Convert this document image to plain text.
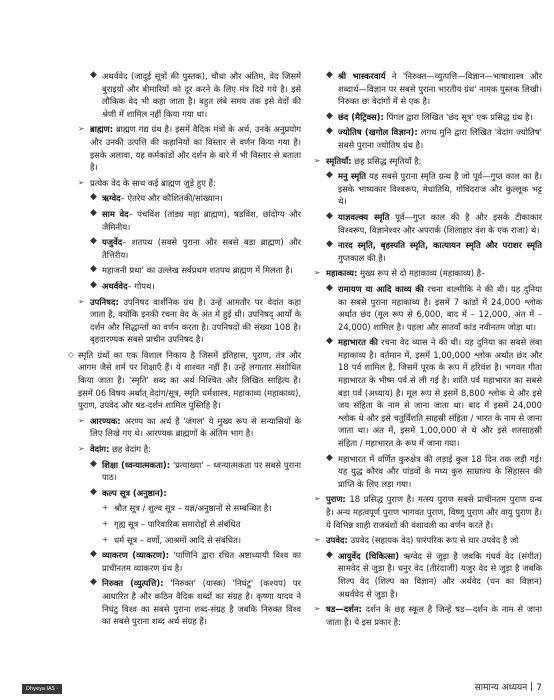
◆ अथर्ववेद (जादुई सूत्रों की पुस्तक), चौथा और अंतिम, वेद जिसमें बुराइयों और बीमारियों को दूर करने के लिए मंत्र दिये गये है। इसे लौकिक वेद भी कहा जाता है। बहुत लंबे समय तक इसे वेदों की श्रेणी में शामिल नहीं किया गया था।
➢ ब्राह्मण: ब्राह्मण गद्य ग्रंथ है। इसमें वैदिक मंत्रों के अर्थ, उनके अनुप्रयोग और उनकी उत्पत्ति की कहानियों का विस्तार से वर्णन किया गया है। इसके अलावा, यह कर्मकांडों और दर्शन के बारे में भी विस्तार से बताता है।
➢ प्रत्येक वेद के साथ कई ब्राह्मण जुड़े हुए हैं:
◆ ऋग्वेद– ऐतरेय और कौशितकी/सांख्यान।
◆ साम वेद– पंचविंश (तांड्य महा ब्राह्मण), षडविंश, छांदोग्य और जैमिनीय।
◆ यजुर्वेद– शतपथ (सबसे पुराना और सबसे बड़ा ब्राह्मण) और तैत्तिरीय।
◆ महाजनी प्रथा' का उल्लेख सर्वप्रथम शतपथ ब्राह्मण में मिलता है।
◆ अथर्ववेद– गोपथ।
➢ उपनिषद: उपनिषद वार्शनिक ग्रंथ है। उन्हें आमतौर पर वेदांत कहा जाता है, क्योंकि इनकी रचना वेद के अंत में हुई थी। उपनिषद् आर्यों के दर्शन और सिद्धान्तों का वर्णन करता है। उपनिषदों की संख्या 108 है। बृहदारण्यक सबसे प्राचीन उपनिषद है।
◇ स्मृति ग्रंथों का एक विशाल निकाय है जिसमें इतिहास, पुराण, तंत्र और आगम जैसे शर्म पर शिक्षाएँ हैं। ये शाश्वत नहीं हैं। उन्हें लगातार संशोधित किया जाता है। 'स्मृति' शब्द का अर्थ निश्चित और लिखित साहित्य है। इसमें 06 विषय अर्थात् वेदांग/सूत्र, स्मृति धर्मशास्त्र, महाकाव्य (महाकाव्य), पुराण, उपवेद और षड-दर्शन शामिल पुस्तिहि है।
➢ आरण्यक: अरण्य का अर्थ है 'जंगल' ये मुख्य रूप से सन्यासियों के लिए लिखे गए थे। आरण्यक ब्राह्मणों के अंतिम भाग है।
➢ वेदांग: छह वेदांग है:
◆ शिक्षा (ध्वन्यात्मकता): 'प्रत्याख्या' – ध्वन्यात्मकता पर सबसे पुराना पाठ।
◆ कल्प सूत्र (अनुष्ठान):
+ श्रौत सूत्र / शुल्व सूत्र – यज्ञ/अनुष्ठानों से सम्बन्धित है।
+ गृह्य सूत्र – पारिवारिक समारोहों से संबंधित
+ धर्म सूत्र – वर्णो, आश्रमों आदि से संबंधित।
◆ व्याकरण (व्याकरण): 'पाणिनि द्वारा रचित अष्टाध्यायी विश्व का प्राचीनतम व्याकरण ग्रंथ है।
◆ निरुक्त (व्युत्पत्ति): 'निरुक्त' (यास्क) 'निघंटु' (कश्यप) पर आधारित है और कठिन वैदिक शब्दों का संग्रह है। कृष्णा यादव ने निघंटु विश्व का सबसे पुराना शब्द-संग्रह है जबकि निरुक्त विश्व का सबसे पुराना शब्द अर्थ संग्रह है।
◆ श्री भास्करवार्य ने 'निरुक्त—व्युत्पत्ति—विज्ञान—भाषाशास्त्र और शब्दार्थ—विज्ञान पर सबसे पुराना भारतीय ग्रंथ' नामक पुस्तक लिखी। निरुक्त छः वेदांगों में से एक है।
◆ छंद (मैट्रिक्स): पिंगल द्वारा लिखित 'छंद सूत्र' एक प्रसिद्ध ग्रंथ है।
◆ ज्योतिष (खगोल विज्ञान): लगध मुनि द्वारा लिखित 'वेदांग ज्योतिष' सबसे पुराना ज्योतिष ग्रंथ है।
➢ स्मृतियाँ: छह प्रसिद्ध स्मृतियाँ है:
◆ मनु स्मृति यह सबसे पुराना स्मृति ग्रन्थ है जो पूर्व—गुप्त काल का है। इसके भाष्यकार विश्वरूप, मेधातिथि, गोविंदराज और कुल्लूक भट्ट थे।
◆ याज्ञवल्क्य स्मृति पूर्व—गुप्त काल की है और इसके टीकाकार विश्वरूप, विज्ञानेश्वर और अपरार्क (शिलाहार वंश के एक राजा) थे।
◆ नारद स्मृति, बृहस्पति स्मृति, कात्यायन स्मृति और पराशर स्मृति गुप्तकाल की है।
➢ महाकाव्य: मुख्य रूप से दो महाकाव्य (महाकाव्य) है–
◆ रामायण या आदि काव्य की रचना वाल्मीकि ने की थी। यह दुनिया का सबसे पुराना महाकाव्य है। इसमें 7 कांडों में 24,000 श्लोक अर्थात छंद (मूल रूप से 6,000, बाद में – 12,000, अंत में – 24,000) शामिल है। पहला और सातवाँ कांड नवीनतम जोड़ा था।
◆ महाभारत की रचना वेद व्यास ने की थी। यह दुनिया का सबसे लंबा महाकाव्य है। वर्तमान में, इसमें 1,00,000 श्लोक अर्थात छंद और 18 पर्व शामिल है, जिसमें पूरक के रूप में हरिवंश है। भगवत गीता महाभारत के भीष्म पर्व से ली गई है। शांति पर्व महाभारत का सबसे बड़ा पर्व (अध्याय) है। मूल रूप से इसमें 8,800 श्लोक थे और इसे जय संहिता के नाम से जाना जाता था। बाद में इसमें 24,000 श्लोक थे और इसे चतुर्विंशति साहस्री संहिता / भारत के नाम से जाना जाता था। अंत में, इसमें 1,00,000 से थे और इसे शतसाहस्री संहिता / महाभारत के रूप में जाना गया।
◆ महाभारत में वर्णित कुरुक्षेत्र की लड़ाई कुल 18 दिन तक लड़ी गई। यह युद्ध कौरव और पांडवों के मध्य कुरु साम्राज्य के सिंहासन की प्राप्ति के लिए लड़ा गया।
➢ पुराण: 18 प्रसिद्ध पुराण है। मत्स्य पुराण सबसे प्राचीनतम पुराण ग्रन्थ है। अन्य महत्वपूर्ण पुराण भागवत पुराण, विष्णु पुराण और वायु पुराण है। ये विभिन्न शाही राजवंशों की वंशावली का वर्णन करते है।
➢ उपवेद: उपवेद (सहायक वेद) पारंपरिक रूप से चार उपवेद है जो
◆ आयुर्वेद (चिकित्सा) ऋग्वेद से जुड़ा है जबकि गंधर्व वेद (संगीत) सामवेद से जुड़ा है। धनुर वेद (तीरंदाजी) यजुर वेद से जुड़ा है जबकि शिल्प वेद (शिल्प का विज्ञान) और अर्थवेद (धन का विज्ञान) अथर्ववेद से जुड़ा है।
➢ षड—दर्शन: दर्शन के छह स्कूल है जिन्हें षड—दर्शन के नाम से जाना जाता है। ये इस प्रकार है:
Dhyeya IAS · Hindi
सामान्य अध्ययन 7
